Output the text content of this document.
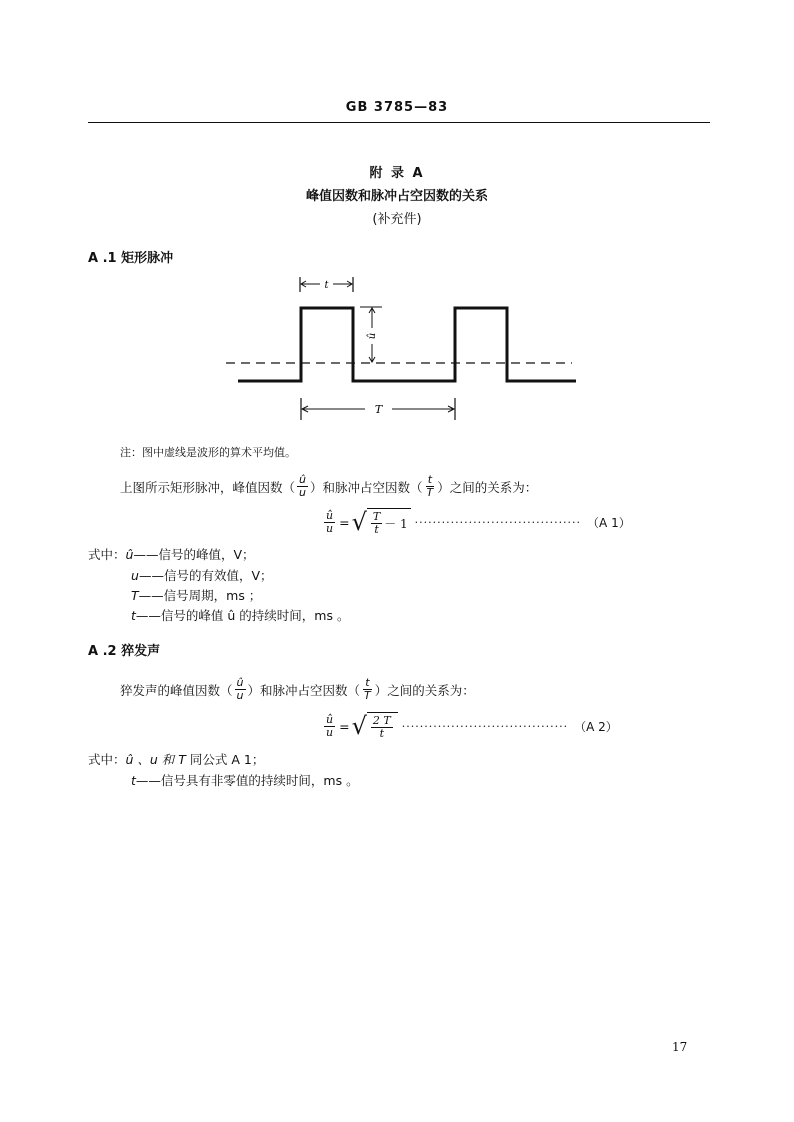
GB 3785—83
附 录 A
峰值因数和脉冲占空因数的关系
(补充件)
A .1 矩形脉冲
t
T
û
注：图中虚线是波形的算术平均值。
上图所示矩形脉冲，峰值因数（ $\frac{û}{u}$ ）和脉冲占空因数（ $\frac{t}{T}$ ）之间的关系为：
$\frac{û}{u}$ = √ $\frac{T}{t} - 1$ ····································· （A 1）
式中：û——信号的峰值，V；
u——信号的有效值，V；
T——信号周期，ms ；
t——信号的峰值 û 的持续时间，ms 。
A .2 猝发声
猝发声的峰值因数（ $\frac{û}{u}$ ）和脉冲占空因数（ $\frac{t}{T}$ ）之间的关系为：
$\frac{û}{u}$ = √ $\frac{2 T}{t}$ ····································· （A 2）
式中：û 、u 和 T 同公式 A 1；
t——信号具有非零值的持续时间，ms 。
17
